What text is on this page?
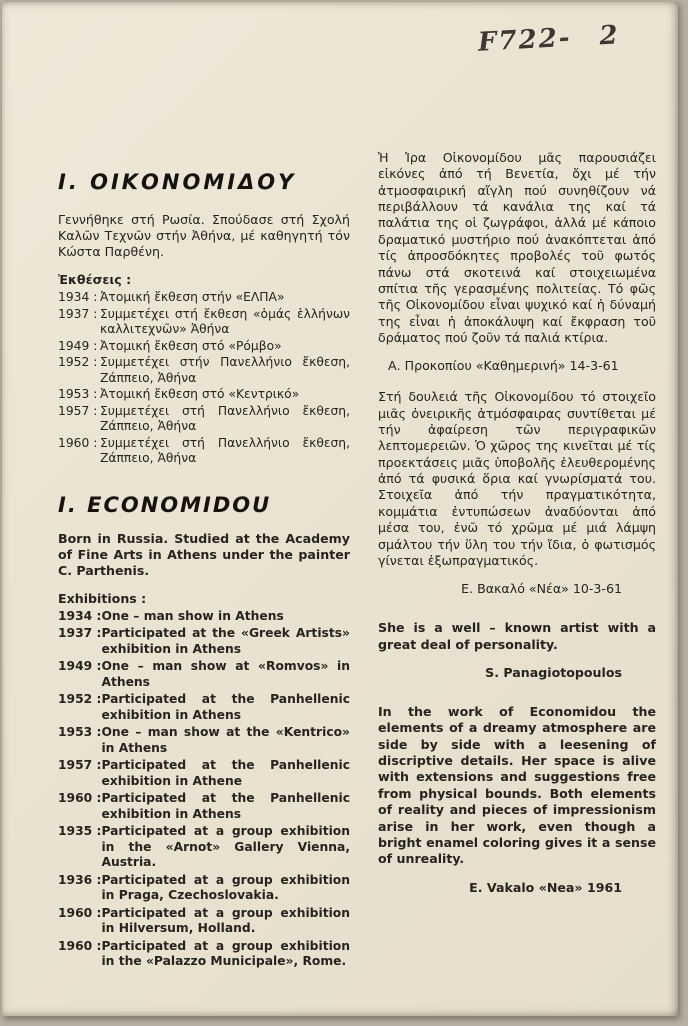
F722- 2
Ι. ΟΙΚΟΝΟΜΙΔΟΥ

Γεννήθηκε στή Ρωσία. Σπούδασε στή Σχολή Καλῶν Τεχνῶν στήν Ἀθήνα, μέ καθηγητή τόν Κώστα Παρθένη.

Ἐκθέσεις :

1934 : Ἀτομική ἔκθεση στήν «ΕΛΠΑ»
1937 : Συμμετέχει στή ἔκθεση «ὁμάς ἑλλήνων καλλιτεχνῶν» Ἀθήνα
1949 : Ἀτομική ἔκθεση στό «Ρόμβο»
1952 : Συμμετέχει στήν Πανελλήνιο ἔκθεση, Ζάππειο, Ἀθήνα
1953 : Ἀτομική ἔκθεση στό «Κεντρικό»
1957 : Συμμετέχει στή Πανελλήνιο ἔκθεση, Ζάππειο, Ἀθήνα
1960 : Συμμετέχει στή Πανελλήνιο ἔκθεση, Ζάππειο, Ἀθήνα
I. ECONOMIDOU

Born in Russia. Studied at the Academy of Fine Arts in Athens under the painter C. Parthenis.

Exhibitions :

1934 : One – man show in Athens
1937 : Participated at the «Greek Artists» exhibition in Athens
1949 : One – man show at «Romvos» in Athens
1952 : Participated at the Panhellenic exhibition in Athens
1953 : One – man show at the «Kentrico» in Athens
1957 : Participated at the Panhellenic exhibition in Athene
1960 : Participated at the Panhellenic exhibition in Athens
1935 : Participated at a group exhibition in the «Arnot» Gallery Vienna, Austria.
1936 : Participated at a group exhibition in Praga, Czechoslovakia.
1960 : Participated at a group exhibition in Hilversum, Holland.
1960 : Participated at a group exhibition in the «Palazzo Municipale», Rome.

Ἡ Ἰρα Οἰκονομίδου μᾶς παρουσιάζει εἰκόνες ἀπό τή Βενετία, ὄχι μέ τήν ἀτμοσφαιρική αἴγλη πού συνηθίζουν νά περιβάλλουν τά κανάλια της καί τά παλάτια της οἱ ζωγράφοι, ἀλλά μέ κάποιο δραματικό μυστήριο πού ἀνακόπτεται ἀπό τίς ἀπροσδόκητες προβολές τοῦ φωτός πάνω στά σκοτεινά καί στοιχειωμένα σπίτια τῆς γερασμένης πολιτείας. Τό φῶς τῆς Οἰκονομίδου εἶναι ψυχικό καί ἡ δύναμή της εἶναι ἡ ἀποκάλυψη καί ἔκφραση τοῦ δράματος πού ζοῦν τά παλιά κτίρια.

Α. Προκοπίου «Καθημερινή» 14-3-61

Στή δουλειά τῆς Οἰκονομίδου τό στοιχεῖο μιᾶς ὀνειρικῆς ἀτμόσφαιρας συντίθεται μέ τήν ἀφαίρεση τῶν περιγραφικῶν λεπτομερειῶν. Ὁ χῶρος της κινεῖται μέ τίς προεκτάσεις μιᾶς ὑποβολῆς ἐλευθερομένης ἀπό τά φυσικά ὅρια καί γνωρίσματά του. Στοιχεῖα ἀπό τήν πραγματικότητα, κομμάτια ἐντυπώσεων ἀναδύονται ἀπό μέσα του, ἐνῶ τό χρῶμα μέ μιά λάμψη σμάλτου τήν ὕλη του τήν ἴδια, ὁ φωτισμός γίνεται ἐξωπραγματικός.

Ε. Βακαλό «Νέα» 10-3-61

She is a well – known artist with a great deal of personality.

S. Panagiotopoulos

In the work of Economidou the elements of a dreamy atmosphere are side by side with a leesening of discriptive details. Her space is alive with extensions and suggestions free from physical bounds. Both elements of reality and pieces of impressionism arise in her work, even though a bright enamel coloring gives it a sense of unreality.

E. Vakalo «Nea» 1961
